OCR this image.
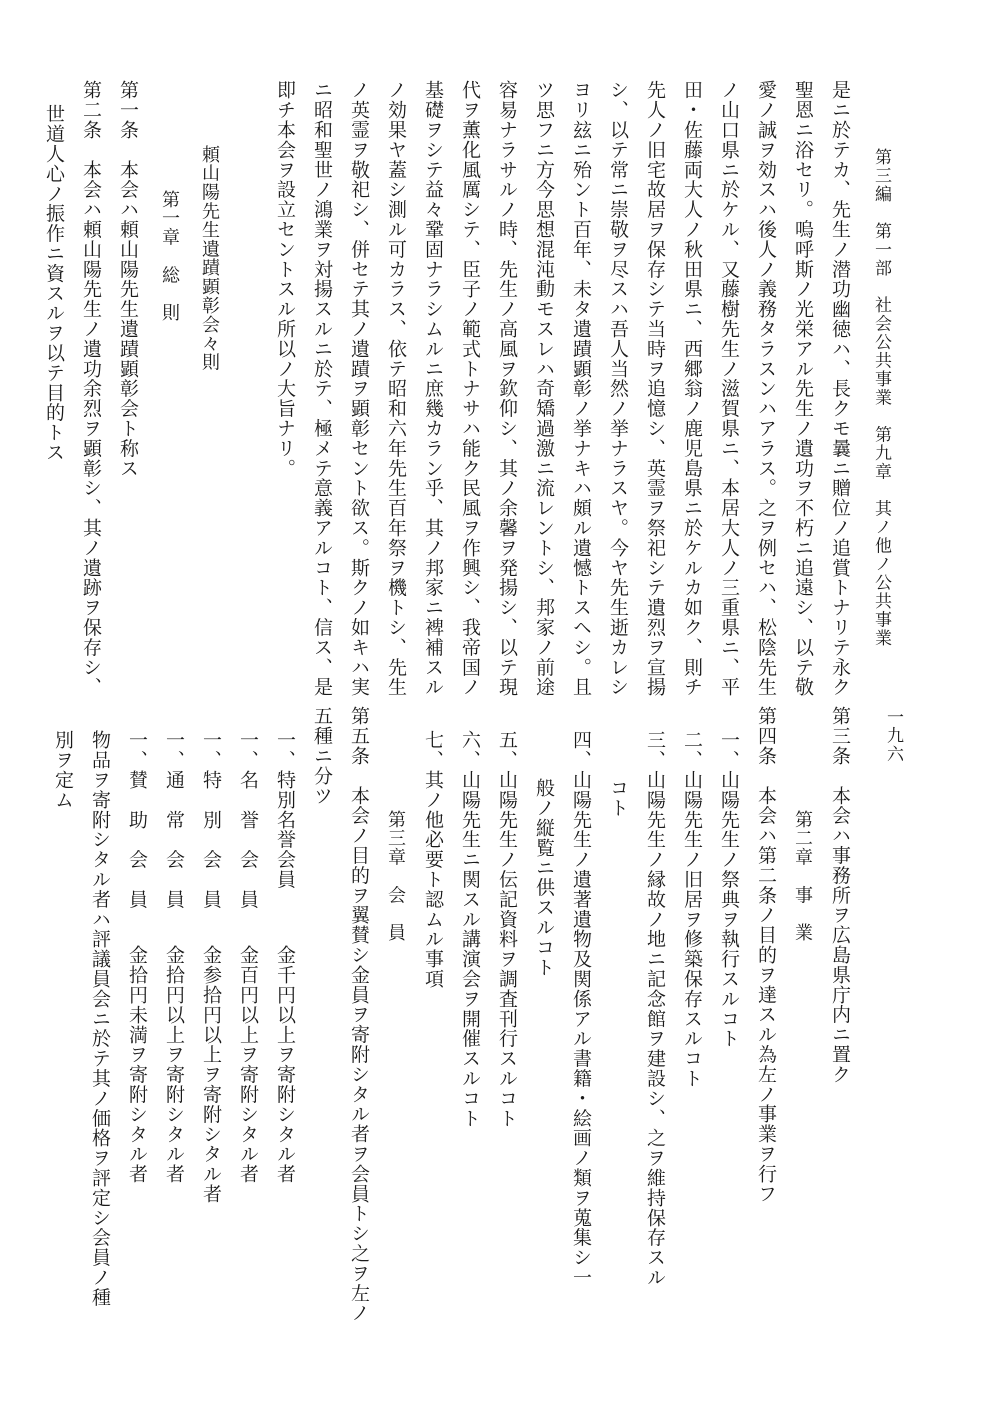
第三編　第一部　社会公共事業　第九章　其ノ他ノ公共事業
一九六
是ニ於テカ、先生ノ潜功幽徳ハ、長クモ曩ニ贈位ノ追賞トナリテ永ク
聖恩ニ浴セリ。嗚呼斯ノ光栄アル先生ノ遺功ヲ不朽ニ追遠シ、以テ敬
愛ノ誠ヲ効スハ後人ノ義務タラスンハアラス。之ヲ例セハ、松陰先生
ノ山口県ニ於ケル、又藤樹先生ノ滋賀県ニ、本居大人ノ三重県ニ、平
田・佐藤両大人ノ秋田県ニ、西郷翁ノ鹿児島県ニ於ケルカ如ク、則チ
先人ノ旧宅故居ヲ保存シテ当時ヲ追憶シ、英霊ヲ祭祀シテ遺烈ヲ宣揚
シ、以テ常ニ崇敬ヲ尽スハ吾人当然ノ挙ナラスヤ。今ヤ先生逝カレシ
ヨリ玆ニ殆ント百年、未タ遺蹟顕彰ノ挙ナキハ頗ル遺憾トスヘシ。且
ツ思フニ方今思想混沌動モスレハ奇矯過激ニ流レントシ、邦家ノ前途
容易ナラサルノ時、先生ノ高風ヲ欽仰シ、其ノ余馨ヲ発揚シ、以テ現
代ヲ薫化風厲シテ、臣子ノ範式トナサハ能ク民風ヲ作興シ、我帝国ノ
基礎ヲシテ益々鞏固ナラシムルニ庶幾カラン乎、其ノ邦家ニ裨補スル
ノ効果ヤ蓋シ測ル可カラス、依テ昭和六年先生百年祭ヲ機トシ、先生
ノ英霊ヲ敬祀シ、併セテ其ノ遺蹟ヲ顕彰セント欲ス。斯クノ如キハ実
ニ昭和聖世ノ鴻業ヲ対揚スルニ於テ、極メテ意義アルコト、信ス、是
即チ本会ヲ設立セントスル所以ノ大旨ナリ。
頼山陽先生遺蹟顕彰会々則
第一章　総　則
第一条　本会ハ頼山陽先生遺蹟顕彰会ト称ス
第二条　本会ハ頼山陽先生ノ遺功余烈ヲ顕彰シ、其ノ遺跡ヲ保存シ、
世道人心ノ振作ニ資スルヲ以テ目的トス
第三条　本会ハ事務所ヲ広島県庁内ニ置ク
第二章　事　業
第四条　本会ハ第二条ノ目的ヲ達スル為左ノ事業ヲ行フ
一、山陽先生ノ祭典ヲ執行スルコト
二、山陽先生ノ旧居ヲ修築保存スルコト
三、山陽先生ノ縁故ノ地ニ記念館ヲ建設シ、之ヲ維持保存スル
コト
四、山陽先生ノ遺著遺物及関係アル書籍・絵画ノ類ヲ蒐集シ一
般ノ縦覧ニ供スルコト
五、山陽先生ノ伝記資料ヲ調査刊行スルコト
六、山陽先生ニ関スル講演会ヲ開催スルコト
七、其ノ他必要ト認ムル事項
第三章　会　員
第五条　本会ノ目的ヲ翼賛シ金員ヲ寄附シタル者ヲ会員トシ之ヲ左ノ
五種ニ分ツ
一、特別名誉会員
金千円以上ヲ寄附シタル者
一、名　誉　会　員
金百円以上ヲ寄附シタル者
一、特　別　会　員
金参拾円以上ヲ寄附シタル者
一、通　常　会　員
金拾円以上ヲ寄附シタル者
一、賛　助　会　員
金拾円未満ヲ寄附シタル者
物品ヲ寄附シタル者ハ評議員会ニ於テ其ノ価格ヲ評定シ会員ノ種
別ヲ定ム
